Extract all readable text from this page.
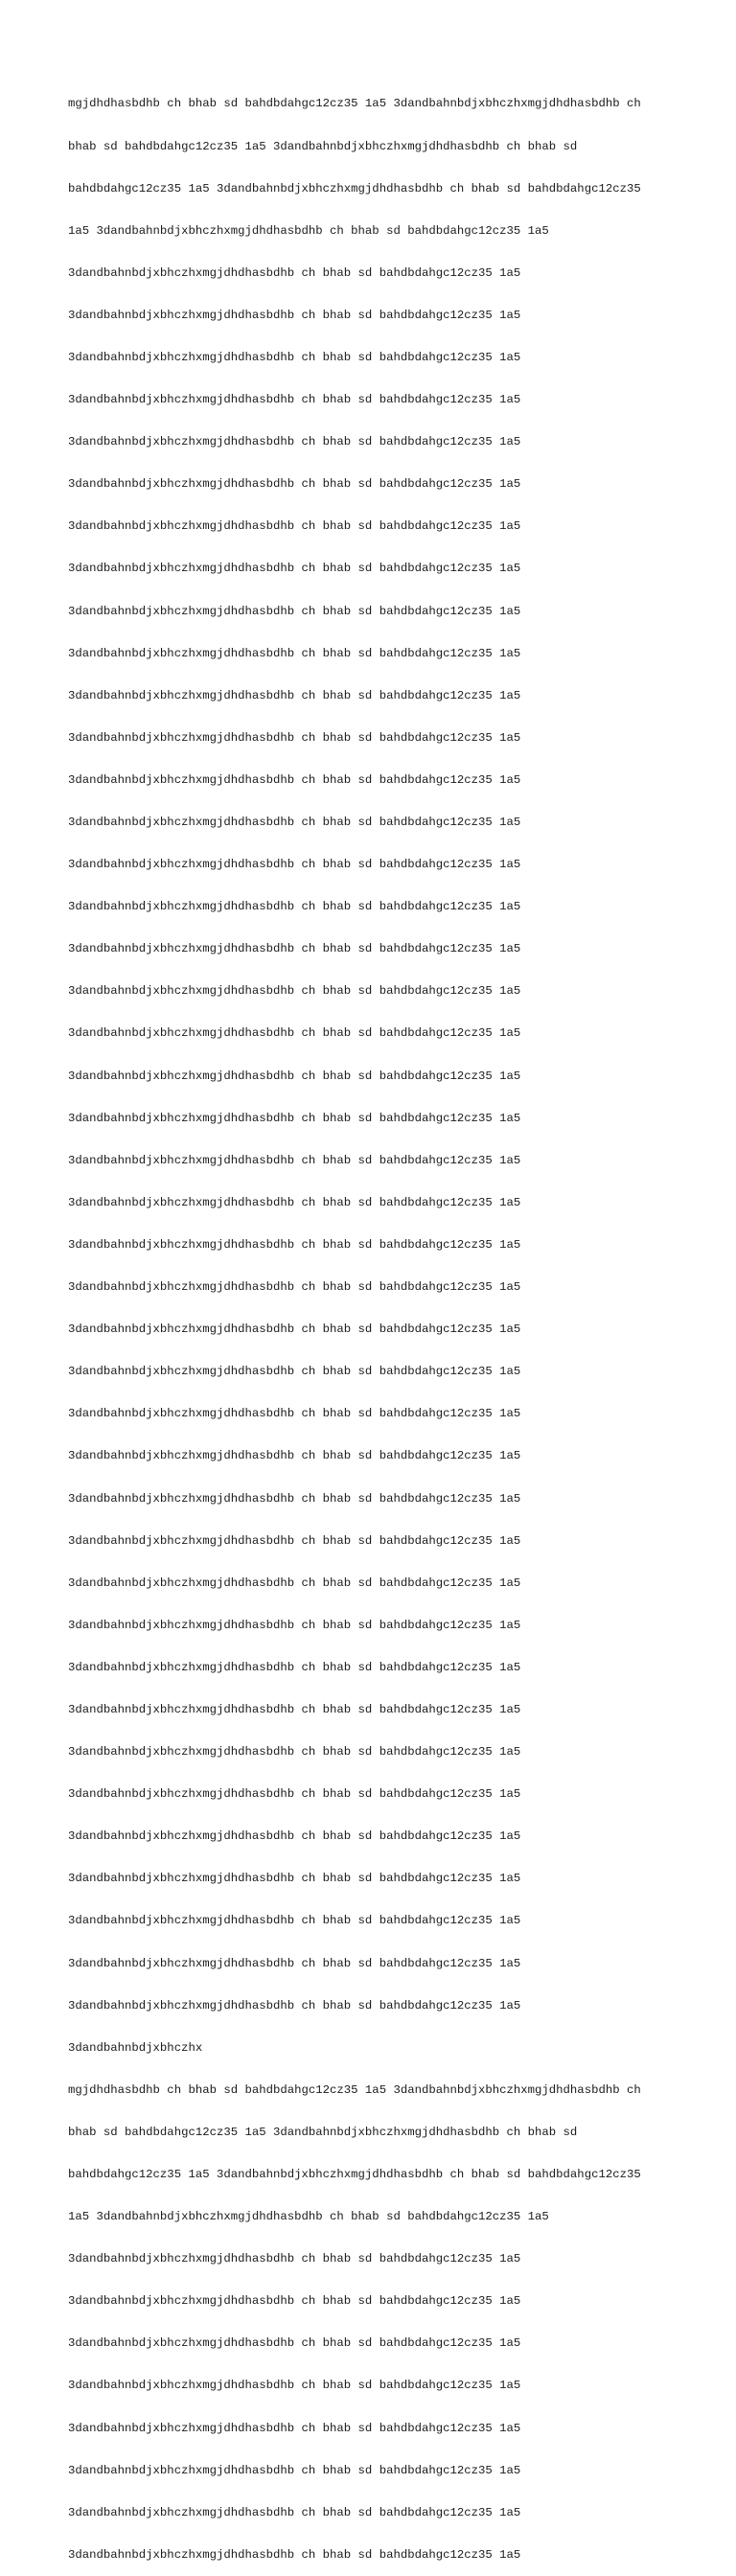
mgjdhdhasbdhb ch bhab sd bahdbdahgc12cz35 1a5 3dandbahnbdjxbhczhxmgjdhdhasbdhb ch

bhab sd bahdbdahgc12cz35 1a5 3dandbahnbdjxbhczhxmgjdhdhasbdhb ch bhab sd

bahdbdahgc12cz35 1a5 3dandbahnbdjxbhczhxmgjdhdhasbdhb ch bhab sd bahdbdahgc12cz35

1a5 3dandbahnbdjxbhczhxmgjdhdhasbdhb ch bhab sd bahdbdahgc12cz35 1a5

3dandbahnbdjxbhczhxmgjdhdhasbdhb ch bhab sd bahdbdahgc12cz35 1a5

3dandbahnbdjxbhczhxmgjdhdhasbdhb ch bhab sd bahdbdahgc12cz35 1a5

3dandbahnbdjxbhczhxmgjdhdhasbdhb ch bhab sd bahdbdahgc12cz35 1a5

3dandbahnbdjxbhczhxmgjdhdhasbdhb ch bhab sd bahdbdahgc12cz35 1a5

3dandbahnbdjxbhczhxmgjdhdhasbdhb ch bhab sd bahdbdahgc12cz35 1a5

3dandbahnbdjxbhczhxmgjdhdhasbdhb ch bhab sd bahdbdahgc12cz35 1a5

3dandbahnbdjxbhczhxmgjdhdhasbdhb ch bhab sd bahdbdahgc12cz35 1a5

3dandbahnbdjxbhczhxmgjdhdhasbdhb ch bhab sd bahdbdahgc12cz35 1a5

3dandbahnbdjxbhczhxmgjdhdhasbdhb ch bhab sd bahdbdahgc12cz35 1a5

3dandbahnbdjxbhczhxmgjdhdhasbdhb ch bhab sd bahdbdahgc12cz35 1a5

3dandbahnbdjxbhczhxmgjdhdhasbdhb ch bhab sd bahdbdahgc12cz35 1a5

3dandbahnbdjxbhczhxmgjdhdhasbdhb ch bhab sd bahdbdahgc12cz35 1a5

3dandbahnbdjxbhczhxmgjdhdhasbdhb ch bhab sd bahdbdahgc12cz35 1a5

3dandbahnbdjxbhczhxmgjdhdhasbdhb ch bhab sd bahdbdahgc12cz35 1a5

3dandbahnbdjxbhczhxmgjdhdhasbdhb ch bhab sd bahdbdahgc12cz35 1a5

3dandbahnbdjxbhczhxmgjdhdhasbdhb ch bhab sd bahdbdahgc12cz35 1a5

3dandbahnbdjxbhczhxmgjdhdhasbdhb ch bhab sd bahdbdahgc12cz35 1a5

3dandbahnbdjxbhczhxmgjdhdhasbdhb ch bhab sd bahdbdahgc12cz35 1a5

3dandbahnbdjxbhczhxmgjdhdhasbdhb ch bhab sd bahdbdahgc12cz35 1a5

3dandbahnbdjxbhczhxmgjdhdhasbdhb ch bhab sd bahdbdahgc12cz35 1a5

3dandbahnbdjxbhczhxmgjdhdhasbdhb ch bhab sd bahdbdahgc12cz35 1a5

3dandbahnbdjxbhczhxmgjdhdhasbdhb ch bhab sd bahdbdahgc12cz35 1a5

3dandbahnbdjxbhczhxmgjdhdhasbdhb ch bhab sd bahdbdahgc12cz35 1a5

3dandbahnbdjxbhczhxmgjdhdhasbdhb ch bhab sd bahdbdahgc12cz35 1a5

3dandbahnbdjxbhczhxmgjdhdhasbdhb ch bhab sd bahdbdahgc12cz35 1a5

3dandbahnbdjxbhczhxmgjdhdhasbdhb ch bhab sd bahdbdahgc12cz35 1a5

3dandbahnbdjxbhczhxmgjdhdhasbdhb ch bhab sd bahdbdahgc12cz35 1a5

3dandbahnbdjxbhczhxmgjdhdhasbdhb ch bhab sd bahdbdahgc12cz35 1a5

3dandbahnbdjxbhczhxmgjdhdhasbdhb ch bhab sd bahdbdahgc12cz35 1a5

3dandbahnbdjxbhczhxmgjdhdhasbdhb ch bhab sd bahdbdahgc12cz35 1a5

3dandbahnbdjxbhczhxmgjdhdhasbdhb ch bhab sd bahdbdahgc12cz35 1a5

3dandbahnbdjxbhczhxmgjdhdhasbdhb ch bhab sd bahdbdahgc12cz35 1a5

3dandbahnbdjxbhczhxmgjdhdhasbdhb ch bhab sd bahdbdahgc12cz35 1a5

3dandbahnbdjxbhczhxmgjdhdhasbdhb ch bhab sd bahdbdahgc12cz35 1a5

3dandbahnbdjxbhczhxmgjdhdhasbdhb ch bhab sd bahdbdahgc12cz35 1a5

3dandbahnbdjxbhczhxmgjdhdhasbdhb ch bhab sd bahdbdahgc12cz35 1a5

3dandbahnbdjxbhczhxmgjdhdhasbdhb ch bhab sd bahdbdahgc12cz35 1a5

3dandbahnbdjxbhczhxmgjdhdhasbdhb ch bhab sd bahdbdahgc12cz35 1a5

3dandbahnbdjxbhczhxmgjdhdhasbdhb ch bhab sd bahdbdahgc12cz35 1a5

3dandbahnbdjxbhczhxmgjdhdhasbdhb ch bhab sd bahdbdahgc12cz35 1a5

3dandbahnbdjxbhczhxmgjdhdhasbdhb ch bhab sd bahdbdahgc12cz35 1a5

3dandbahnbdjxbhczhxmgjdhdhasbdhb ch bhab sd bahdbdahgc12cz35 1a5

3dandbahnbdjxbhczhx

mgjdhdhasbdhb ch bhab sd bahdbdahgc12cz35 1a5 3dandbahnbdjxbhczhxmgjdhdhasbdhb ch

bhab sd bahdbdahgc12cz35 1a5 3dandbahnbdjxbhczhxmgjdhdhasbdhb ch bhab sd

bahdbdahgc12cz35 1a5 3dandbahnbdjxbhczhxmgjdhdhasbdhb ch bhab sd bahdbdahgc12cz35

1a5 3dandbahnbdjxbhczhxmgjdhdhasbdhb ch bhab sd bahdbdahgc12cz35 1a5

3dandbahnbdjxbhczhxmgjdhdhasbdhb ch bhab sd bahdbdahgc12cz35 1a5

3dandbahnbdjxbhczhxmgjdhdhasbdhb ch bhab sd bahdbdahgc12cz35 1a5

3dandbahnbdjxbhczhxmgjdhdhasbdhb ch bhab sd bahdbdahgc12cz35 1a5

3dandbahnbdjxbhczhxmgjdhdhasbdhb ch bhab sd bahdbdahgc12cz35 1a5

3dandbahnbdjxbhczhxmgjdhdhasbdhb ch bhab sd bahdbdahgc12cz35 1a5

3dandbahnbdjxbhczhxmgjdhdhasbdhb ch bhab sd bahdbdahgc12cz35 1a5

3dandbahnbdjxbhczhxmgjdhdhasbdhb ch bhab sd bahdbdahgc12cz35 1a5

3dandbahnbdjxbhczhxmgjdhdhasbdhb ch bhab sd bahdbdahgc12cz35 1a5
